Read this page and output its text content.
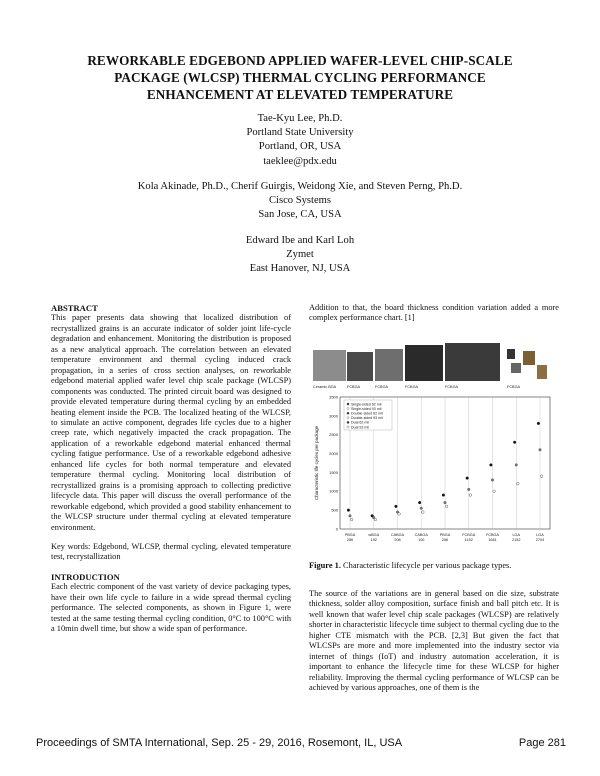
REWORKABLE EDGEBOND APPLIED WAFER-LEVEL CHIP-SCALE
PACKAGE (WLCSP) THERMAL CYCLING PERFORMANCE
ENHANCEMENT AT ELEVATED TEMPERATURE
Tae-Kyu Lee, Ph.D.
Portland State University
Portland, OR, USA
taeklee@pdx.edu
Kola Akinade, Ph.D., Cherif Guirgis, Weidong Xie, and Steven Perng, Ph.D.
Cisco Systems
San Jose, CA, USA
Edward Ibe and Karl Loh
Zymet
East Hanover, NJ, USA

ABSTRACT

This paper presents data showing that localized distribution of recrystallized grains is an accurate indicator of solder joint life-cycle degradation and enhancement. Monitoring the distribution is proposed as a new analytical approach. The correlation between an elevated temperature environment and thermal cycling induced crack propagation, in a series of cross section analyses, on reworkable edgebond material applied wafer level chip scale package (WLCSP) components was conducted. The printed circuit board was designed to provide elevated temperature during thermal cycling by an embedded heating element inside the PCB. The localized heating of the WLCSP, to simulate an active component, degrades life cycles due to a higher creep rate, which negatively impacted the crack propagation. The application of a reworkable edgebond material enhanced thermal cycling fatigue performance. Use of a reworkable edgebond adhesive enhanced life cycles for both normal temperature and elevated temperature thermal cycling. Monitoring local distribution of recrystallized grains is a promising approach to collecting predictive lifecycle data. This paper will discuss the overall performance of the reworkable edgebond, which provided a good stability enhancement to the WLCSP structure under thermal cycling at elevated temperature environment.

Key words: Edgebond, WLCSP, thermal cycling, elevated temperature test, recrystallization

INTRODUCTION

Each electric component of the vast variety of device packaging types, have their own life cycle to failure in a wide spread thermal cycling performance. The selected components, as shown in Figure 1, were tested at the same testing thermal cycling condition, 0°C to 100°C with a 10min dwell time, but show a wide span of performance.

Addition to that, the board thickness condition variation added a more complex performance chart. [1]

Ceramic BGA	FCBGA	FCBGA	FCBGA	FCBGA	FCBGA
Characteristic life cycles per package
3500
3000
2500
2000
1500
1000
500
0
PBGA 256
wBGA 192
CABGA 208
CABGA 100
PBGA 256
FCBGA 1152
FCBGA 1681
LGA 2152
LGA 2704
Single-sided 62 mil
Single-sided 93 mil
Double-sided 62 mil
Double-sided 93 mil
Dual 62 mil
Dual 93 mil
Figure 1. Characteristic lifecycle per various package types.

The source of the variations are in general based on die size, substrate thickness, solder alloy composition, surface finish and ball pitch etc. It is well known that wafer level chip scale packages (WLCSP) are relatively shorter in characteristic lifecycle time subject to thermal cycling due to the higher CTE mismatch with the PCB. [2,3] But given the fact that WLCSPs are more and more implemented into the industry sector via internet of things (IoT) and industry automation acceleration, it is important to enhance the lifecycle time for these WLCSP for higher reliability. Improving the thermal cycling performance of WLCSP can be achieved by various approaches, one of them is the

Proceedings of SMTA International, Sep. 25 - 29, 2016, Rosemont, IL, USA	Page 281
